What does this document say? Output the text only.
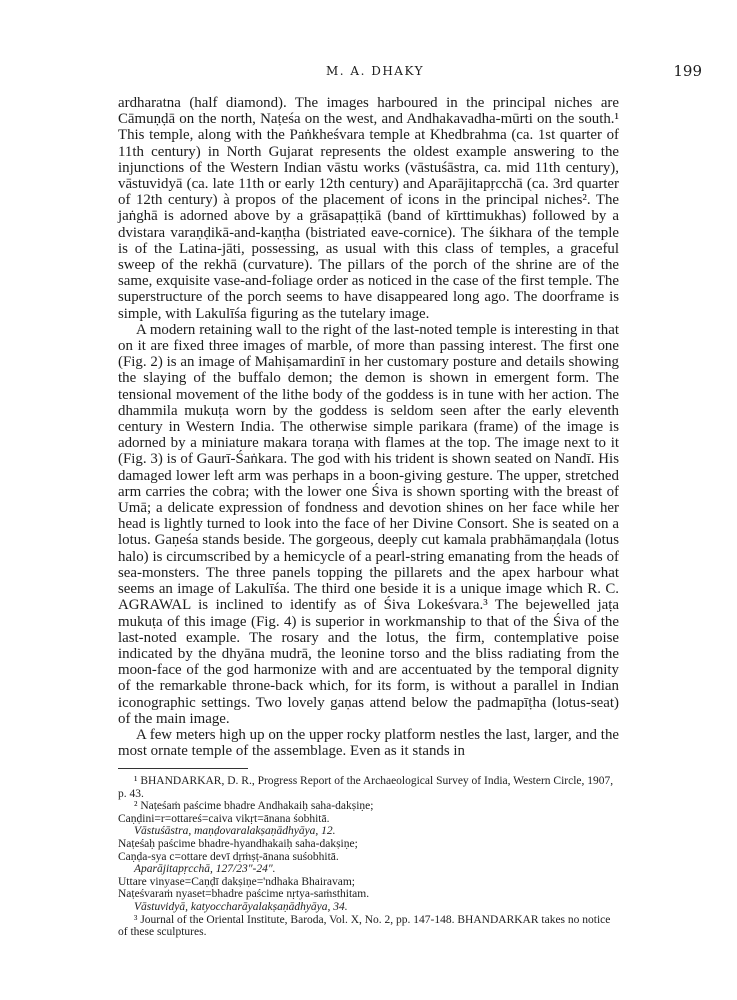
M. A. DHAKY	199

ardharatna (half diamond). The images harboured in the principal niches are Cāmuṇḍā on the north, Naṭeśa on the west, and Andhakavadha-mūrti on the south.¹ This temple, along with the Paṅkheśvara temple at Khedbrahma (ca. 1st quarter of 11th century) in North Gujarat represents the oldest example answering to the injunctions of the Western Indian vāstu works (vāstuśāstra, ca. mid 11th century), vāstuvidyā (ca. late 11th or early 12th century) and Aparājitapṛcchā (ca. 3rd quarter of 12th century) à propos of the placement of icons in the principal niches². The jaṅghā is adorned above by a grāsapaṭṭikā (band of kīrttimukhas) followed by a dvistara varaṇḍikā-and-kaṇṭha (bistriated eave-cornice). The śikhara of the temple is of the Latina-jāti, possessing, as usual with this class of temples, a graceful sweep of the rekhā (curvature). The pillars of the porch of the shrine are of the same, exquisite vase-and-foliage order as noticed in the case of the first temple. The superstructure of the porch seems to have disappeared long ago. The doorframe is simple, with Lakulīśa figuring as the tutelary image.

A modern retaining wall to the right of the last-noted temple is interesting in that on it are fixed three images of marble, of more than passing interest. The first one (Fig. 2) is an image of Mahiṣamardinī in her customary posture and details showing the slaying of the buffalo demon; the demon is shown in emergent form. The tensional movement of the lithe body of the goddess is in tune with her action. The dhammila mukuṭa worn by the goddess is seldom seen after the early eleventh century in Western India. The otherwise simple parikara (frame) of the image is adorned by a miniature makara toraṇa with flames at the top. The image next to it (Fig. 3) is of Gaurī-Śaṅkara. The god with his trident is shown seated on Nandī. His damaged lower left arm was perhaps in a boon-giving gesture. The upper, stretched arm carries the cobra; with the lower one Śiva is shown sporting with the breast of Umā; a delicate expression of fondness and devotion shines on her face while her head is lightly turned to look into the face of her Divine Consort. She is seated on a lotus. Gaṇeśa stands beside. The gorgeous, deeply cut kamala prabhāmaṇḍala (lotus halo) is circumscribed by a hemicycle of a pearl-string emanating from the heads of sea-monsters. The three panels topping the pillarets and the apex harbour what seems an image of Lakulīśa. The third one beside it is a unique image which R. C. AGRAWAL is inclined to identify as of Śiva Lokeśvara.³ The bejewelled jaṭa mukuṭa of this image (Fig. 4) is superior in workmanship to that of the Śiva of the last-noted example. The rosary and the lotus, the firm, contemplative poise indicated by the dhyāna mudrā, the leonine torso and the bliss radiating from the moon-face of the god harmonize with and are accentuated by the temporal dignity of the remarkable throne-back which, for its form, is without a parallel in Indian iconographic settings. Two lovely gaṇas attend below the padmapīṭha (lotus-seat) of the main image.

A few meters high up on the upper rocky platform nestles the last, larger, and the most ornate temple of the assemblage. Even as it stands in

¹ BHANDARKAR, D. R., Progress Report of the Archaeological Survey of India, Western Circle, 1907, p. 43.
² Naṭeśaṁ paścime bhadre Andhakaiḥ saha-dakṣiṇe;
Caṇḍini=r=ottareś=caiva vikṛt=ānana śobhitā.
Vāstuśāstra, maṇḍovaralakṣaṇādhyāya, 12.
Naṭeśaḥ paścime bhadre-hyandhakaiḥ saha-dakṣiṇe;
Caṇḍa-sya c=ottare devī dṛṁṣṭ-ānana suśobhitā.
Aparājitapṛcchā, 127/23″-24″.
Uttare vinyase=Caṇḍī dakṣiṇe='ndhaka Bhairavam;
Naṭeśvaraṁ nyaset=bhadre paścime nṛtya-saṁsthitam.
Vāstuvidyā, katyoccharāyalakṣaṇādhyāya, 34.
³ Journal of the Oriental Institute, Baroda, Vol. X, No. 2, pp. 147-148. BHANDARKAR takes no notice of these sculptures.
